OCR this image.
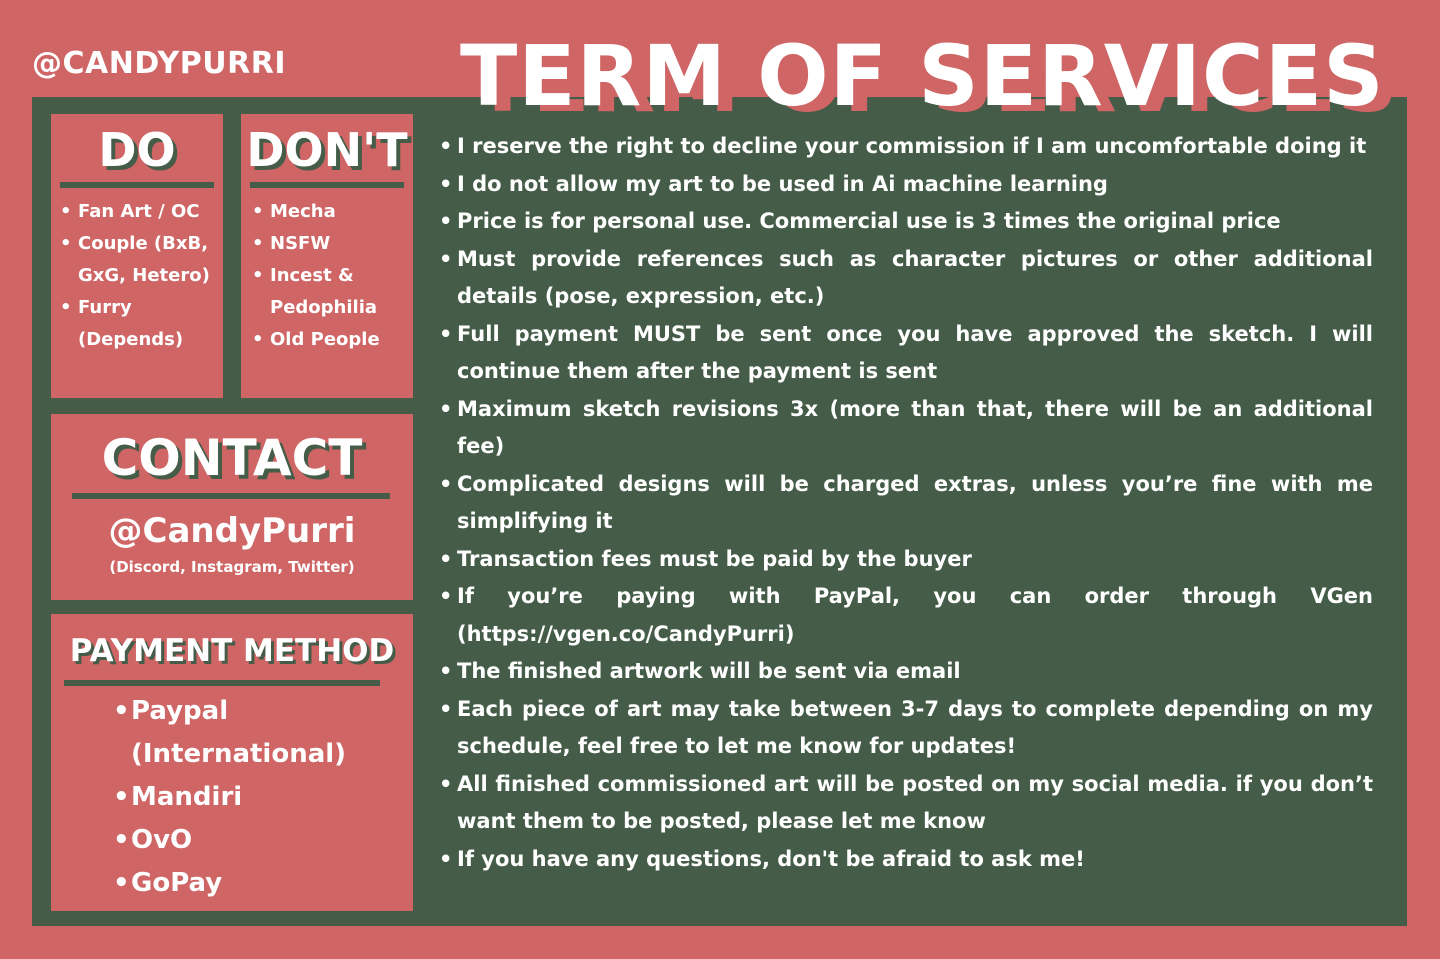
@CANDYPURRI TERM OF SERVICES
DO
• Fan Art / OC
• Couple (BxB, GxG, Hetero)
• Furry (Depends)
DON'T
• Mecha
• NSFW
• Incest & Pedophilia
• Old People
CONTACT
@CandyPurri
(Discord, Instagram, Twitter)
PAYMENT METHOD
• Paypal (International)
• Mandiri
• OvO
• GoPay
• I reserve the right to decline your commission if I am uncomfortable doing it
• I do not allow my art to be used in Ai machine learning
• Price is for personal use. Commercial use is 3 times the original price
• Must provide references such as character pictures or other additional details (pose, expression, etc.)
• Full payment MUST be sent once you have approved the sketch. I will continue them after the payment is sent
• Maximum sketch revisions 3x (more than that, there will be an additional fee)
• Complicated designs will be charged extras, unless you’re fine with me simplifying it
• Transaction fees must be paid by the buyer
• If you’re paying with PayPal, you can order through VGen (https://vgen.co/CandyPurri)
• The finished artwork will be sent via email
• Each piece of art may take between 3-7 days to complete depending on my schedule, feel free to let me know for updates!
• All finished commissioned art will be posted on my social media. if you don’t want them to be posted, please let me know
• If you have any questions, don't be afraid to ask me!
